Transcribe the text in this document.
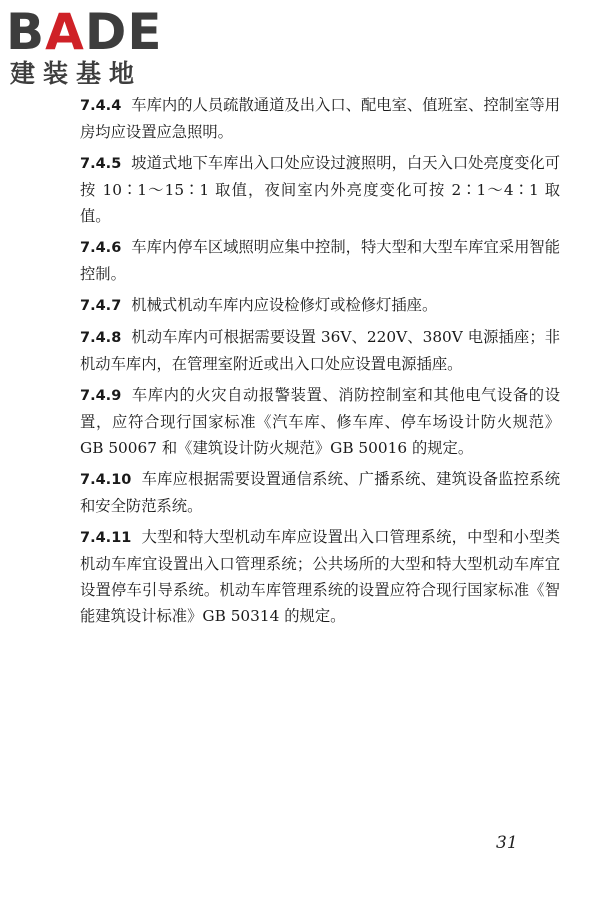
BADE
建装基地

7.4.4 车库内的人员疏散通道及出入口、配电室、值班室、控制室等用房均应设置应急照明。

7.4.5 坡道式地下车库出入口处应设过渡照明，白天入口处亮度变化可按 10∶1～15∶1 取值，夜间室内外亮度变化可按 2∶1～4∶1 取值。

7.4.6 车库内停车区域照明应集中控制，特大型和大型车库宜采用智能控制。

7.4.7 机械式机动车库内应设检修灯或检修灯插座。

7.4.8 机动车库内可根据需要设置 36V、220V、380V 电源插座；非机动车库内，在管理室附近或出入口处应设置电源插座。

7.4.9 车库内的火灾自动报警装置、消防控制室和其他电气设备的设置，应符合现行国家标准《汽车库、修车库、停车场设计防火规范》GB 50067 和《建筑设计防火规范》GB 50016 的规定。

7.4.10 车库应根据需要设置通信系统、广播系统、建筑设备监控系统和安全防范系统。

7.4.11 大型和特大型机动车库应设置出入口管理系统，中型和小型类机动车库宜设置出入口管理系统；公共场所的大型和特大型机动车库宜设置停车引导系统。机动车库管理系统的设置应符合现行国家标准《智能建筑设计标准》GB 50314 的规定。

31
